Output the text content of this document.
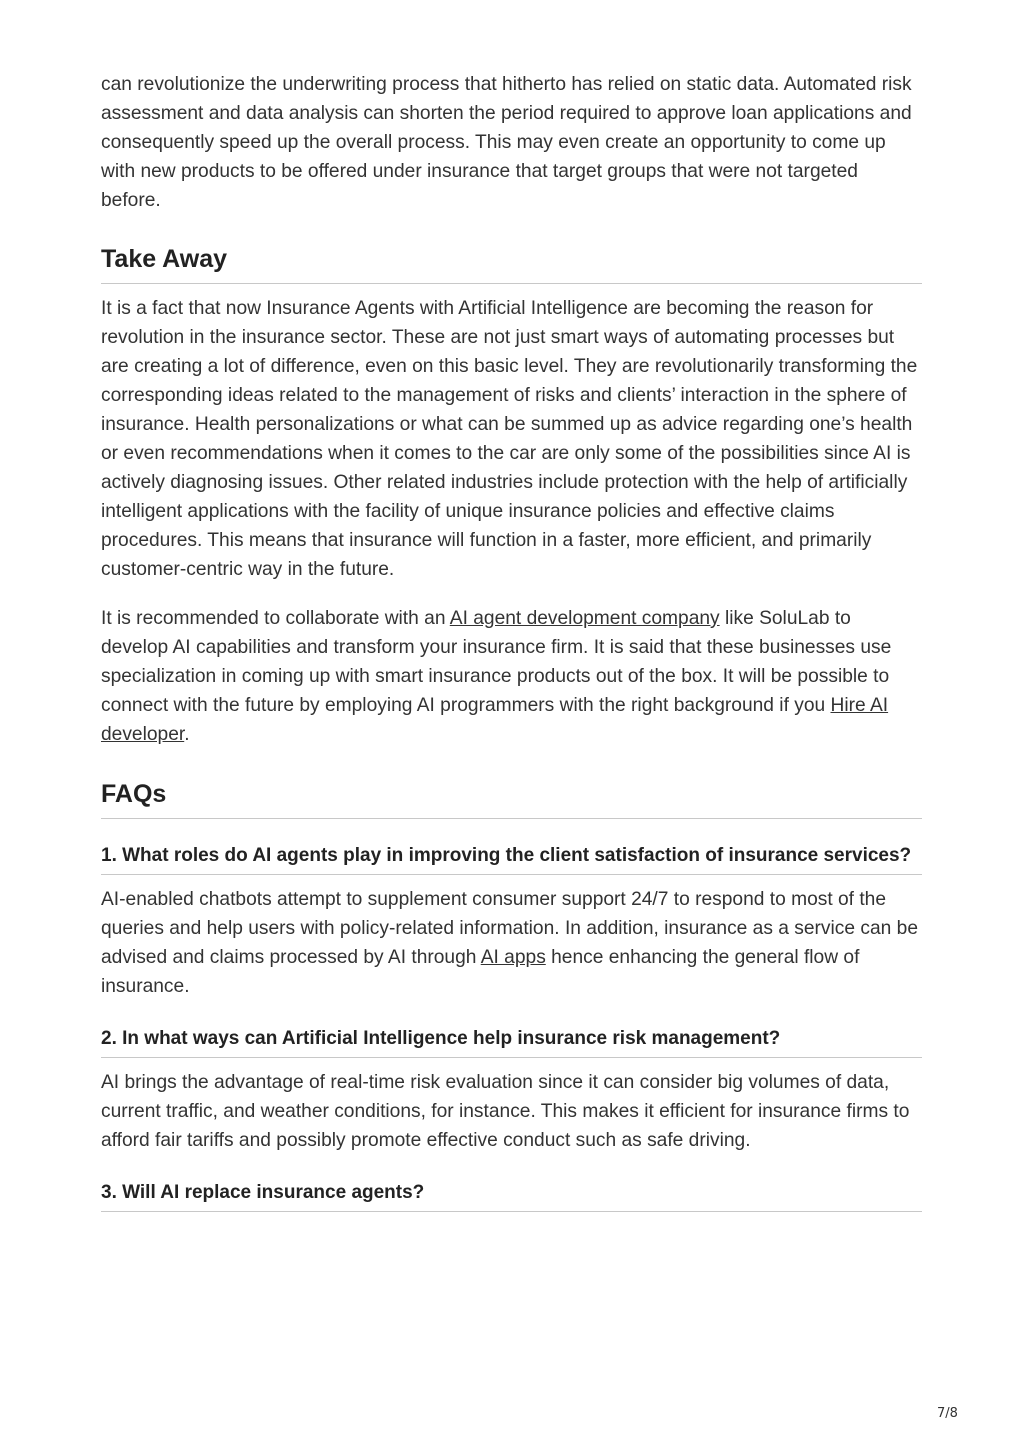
can revolutionize the underwriting process that hitherto has relied on static data. Automated risk assessment and data analysis can shorten the period required to approve loan applications and consequently speed up the overall process. This may even create an opportunity to come up with new products to be offered under insurance that target groups that were not targeted before.

Take Away

It is a fact that now Insurance Agents with Artificial Intelligence are becoming the reason for revolution in the insurance sector. These are not just smart ways of automating processes but are creating a lot of difference, even on this basic level. They are revolutionarily transforming the corresponding ideas related to the management of risks and clients’ interaction in the sphere of insurance. Health personalizations or what can be summed up as advice regarding one’s health or even recommendations when it comes to the car are only some of the possibilities since AI is actively diagnosing issues. Other related industries include protection with the help of artificially intelligent applications with the facility of unique insurance policies and effective claims procedures. This means that insurance will function in a faster, more efficient, and primarily customer-centric way in the future.

It is recommended to collaborate with an AI agent development company like SoluLab to develop AI capabilities and transform your insurance firm. It is said that these businesses use specialization in coming up with smart insurance products out of the box. It will be possible to connect with the future by employing AI programmers with the right background if you Hire AI developer.

FAQs
1. What roles do AI agents play in improving the client satisfaction of insurance services?

AI-enabled chatbots attempt to supplement consumer support 24/7 to respond to most of the queries and help users with policy-related information. In addition, insurance as a service can be advised and claims processed by AI through AI apps hence enhancing the general flow of insurance.

2. In what ways can Artificial Intelligence help insurance risk management?

AI brings the advantage of real-time risk evaluation since it can consider big volumes of data, current traffic, and weather conditions, for instance. This makes it efficient for insurance firms to afford fair tariffs and possibly promote effective conduct such as safe driving.

3. Will AI replace insurance agents?
7/8
